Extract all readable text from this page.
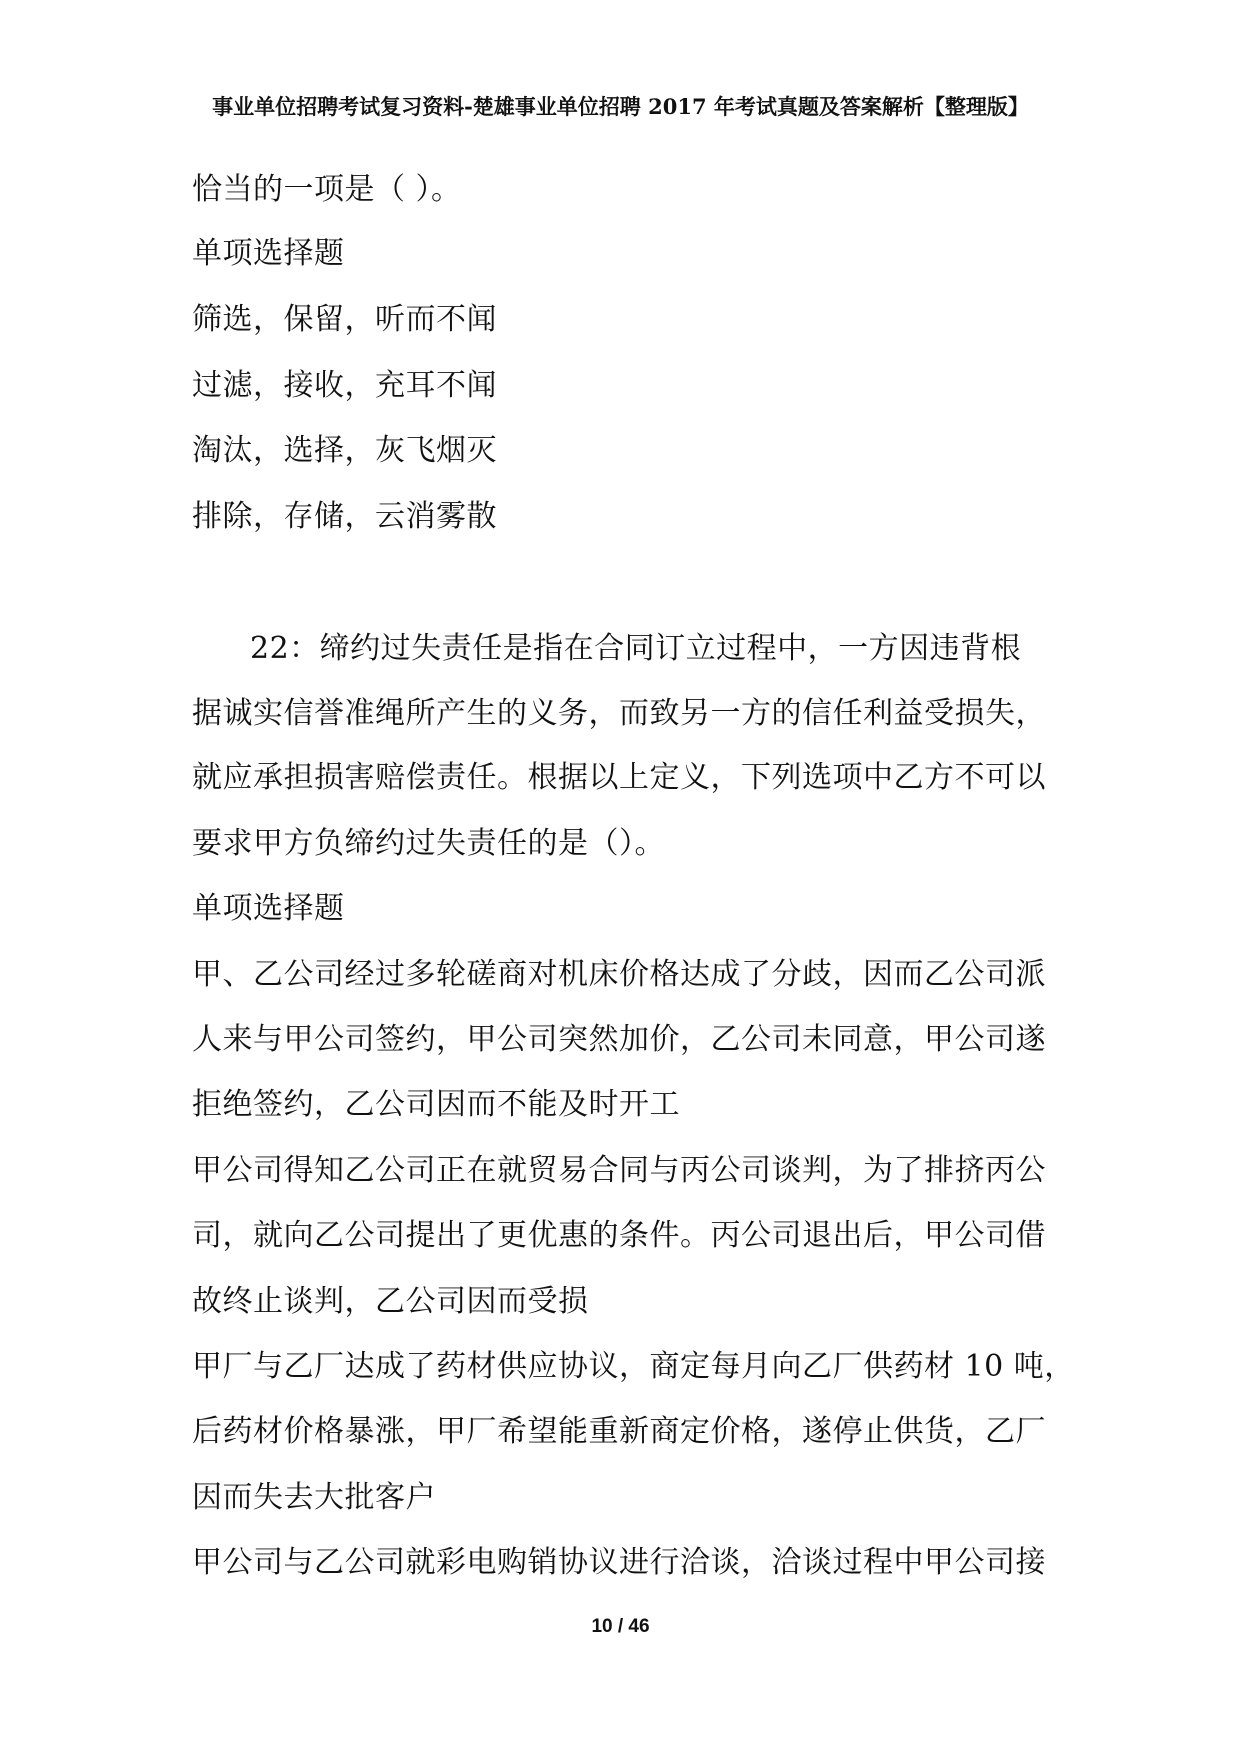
事业单位招聘考试复习资料-楚雄事业单位招聘 2017 年考试真题及答案解析【整理版】
恰当的一项是（ ）。
单项选择题
筛选，保留，听而不闻
过滤，接收，充耳不闻
淘汰，选择，灰飞烟灭
排除，存储，云消雾散
22：缔约过失责任是指在合同订立过程中，一方因违背根
据诚实信誉准绳所产生的义务，而致另一方的信任利益受损失，
就应承担损害赔偿责任。根据以上定义，下列选项中乙方不可以
要求甲方负缔约过失责任的是（）。
单项选择题
甲、乙公司经过多轮磋商对机床价格达成了分歧，因而乙公司派
人来与甲公司签约，甲公司突然加价，乙公司未同意，甲公司遂
拒绝签约，乙公司因而不能及时开工
甲公司得知乙公司正在就贸易合同与丙公司谈判，为了排挤丙公
司，就向乙公司提出了更优惠的条件。丙公司退出后，甲公司借
故终止谈判，乙公司因而受损
甲厂与乙厂达成了药材供应协议，商定每月向乙厂供药材 10 吨，
后药材价格暴涨，甲厂希望能重新商定价格，遂停止供货，乙厂
因而失去大批客户
甲公司与乙公司就彩电购销协议进行洽谈，洽谈过程中甲公司接
10 / 46
